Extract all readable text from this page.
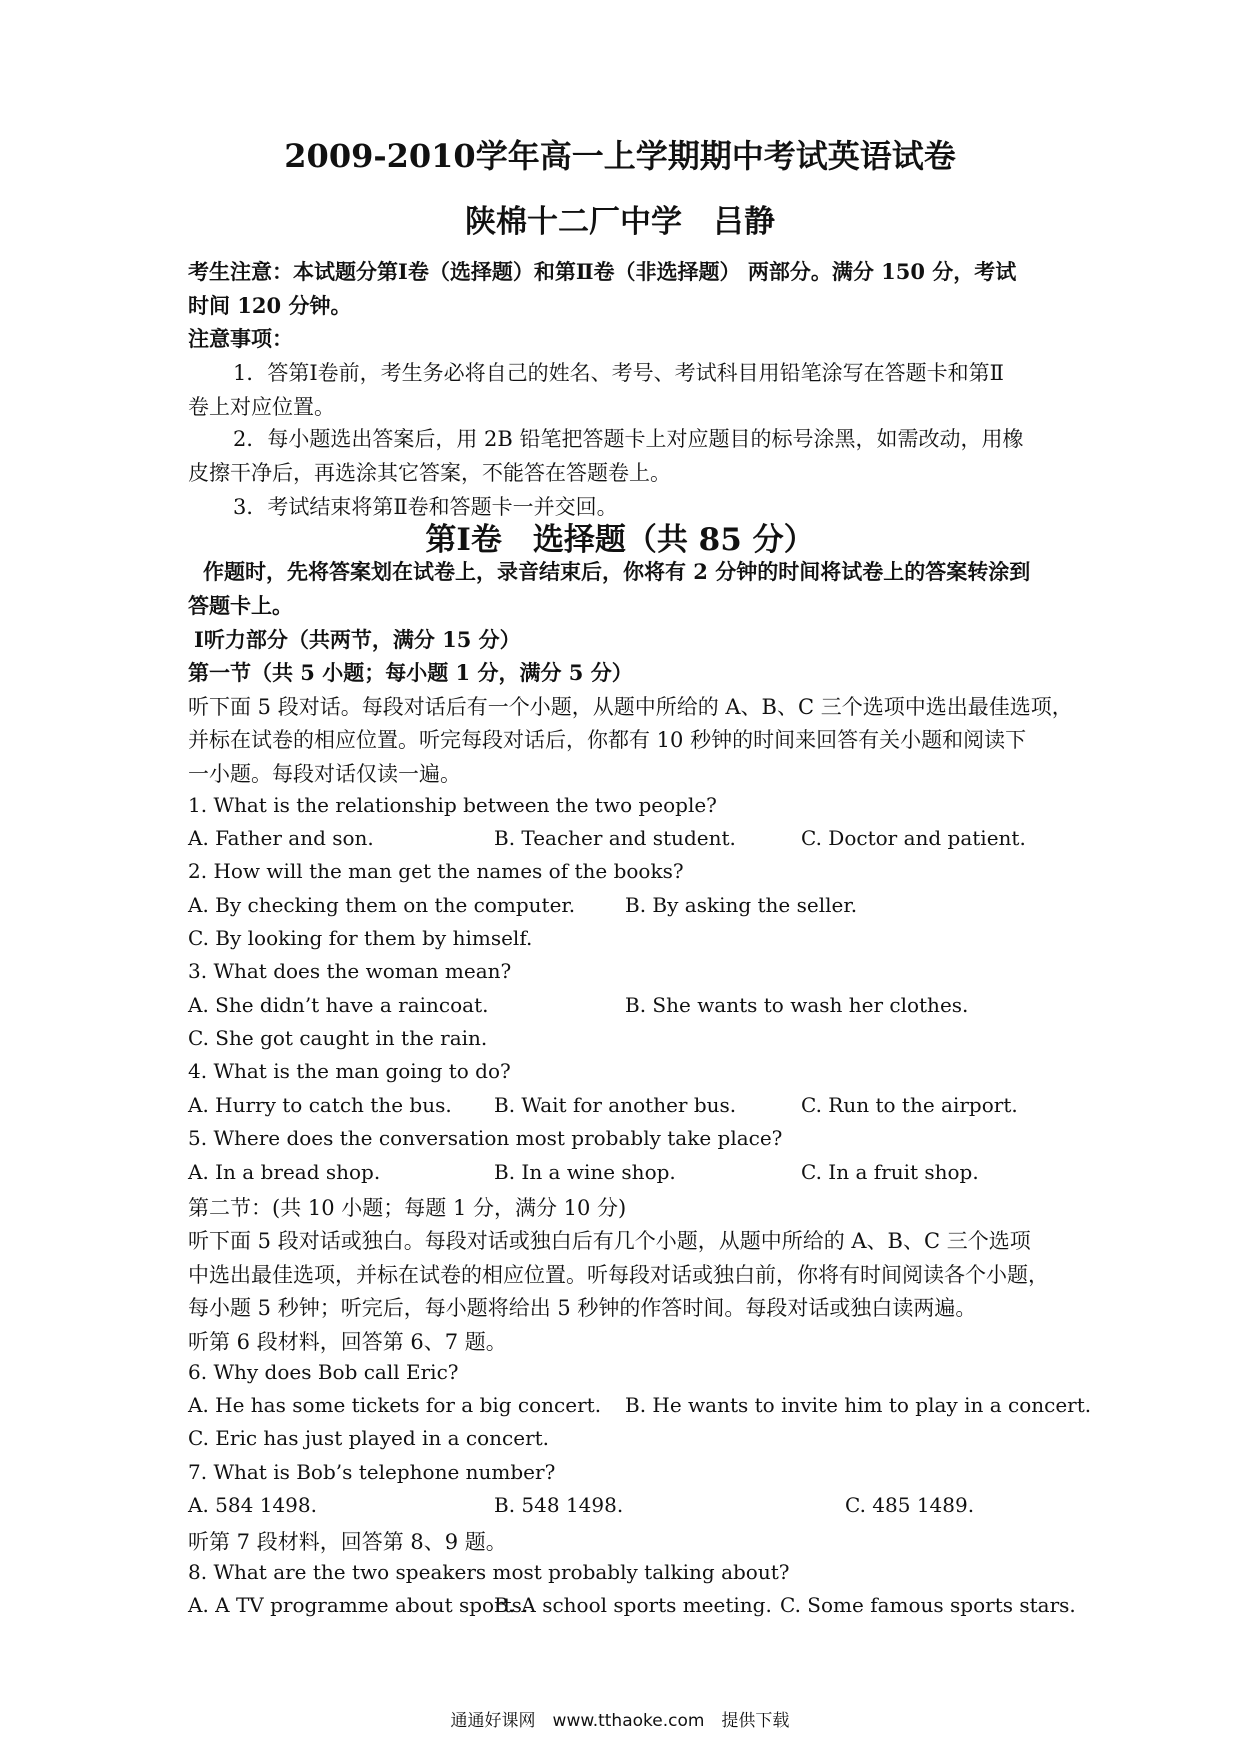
2009-2010学年高一上学期期中考试英语试卷
陕棉十二厂中学　吕静
考生注意：本试题分第Ⅰ卷（选择题）和第Ⅱ卷（非选择题） 两部分。满分 150 分，考试
时间 120 分钟。
注意事项：
1．答第Ⅰ卷前，考生务必将自己的姓名、考号、考试科目用铅笔涂写在答题卡和第Ⅱ
卷上对应位置。
2．每小题选出答案后，用 2B 铅笔把答题卡上对应题目的标号涂黑，如需改动，用橡
皮擦干净后，再选涂其它答案，不能答在答题卷上。
3．考试结束将第Ⅱ卷和答题卡一并交回。
第Ⅰ卷　选择题（共 85 分）
作题时，先将答案划在试卷上，录音结束后，你将有 2 分钟的时间将试卷上的答案转涂到
答题卡上。
Ⅰ听力部分（共两节，满分 15 分）
第一节（共 5 小题；每小题 1 分，满分 5 分）
听下面 5 段对话。每段对话后有一个小题，从题中所给的 A、B、C 三个选项中选出最佳选项，
并标在试卷的相应位置。听完每段对话后，你都有 10 秒钟的时间来回答有关小题和阅读下
一小题。每段对话仅读一遍。
1. What is the relationship between the two people?
A. Father and son.	B. Teacher and student.	C. Doctor and patient.
2. How will the man get the names of the books?
A. By checking them on the computer. B. By asking the seller.
C. By looking for them by himself.
3. What does the woman mean?
A. She didn’t have a raincoat.	B. She wants to wash her clothes.
C. She got caught in the rain.
4. What is the man going to do?
A. Hurry to catch the bus. B. Wait for another bus.	C. Run to the airport.
5. Where does the conversation most probably take place?
A. In a bread shop.	B. In a wine shop.	C. In a fruit shop.
第二节：(共 10 小题；每题 1 分，满分 10 分)
听下面 5 段对话或独白。每段对话或独白后有几个小题，从题中所给的 A、B、C 三个选项
中选出最佳选项，并标在试卷的相应位置。听每段对话或独白前，你将有时间阅读各个小题，
每小题 5 秒钟；听完后，每小题将给出 5 秒钟的作答时间。每段对话或独白读两遍。
听第 6 段材料，回答第 6、7 题。
6. Why does Bob call Eric?
A. He has some tickets for a big concert. B. He wants to invite him to play in a concert.
C. Eric has just played in a concert.
7. What is Bob’s telephone number?
A. 584 1498.	B. 548 1498.	C. 485 1489.
听第 7 段材料，回答第 8、9 题。
8. What are the two speakers most probably talking about?
A. A TV programme about sports.
B. A school sports meeting. C. Some famous sports stars.
通通好课网　www.tthaoke.com　提供下载
